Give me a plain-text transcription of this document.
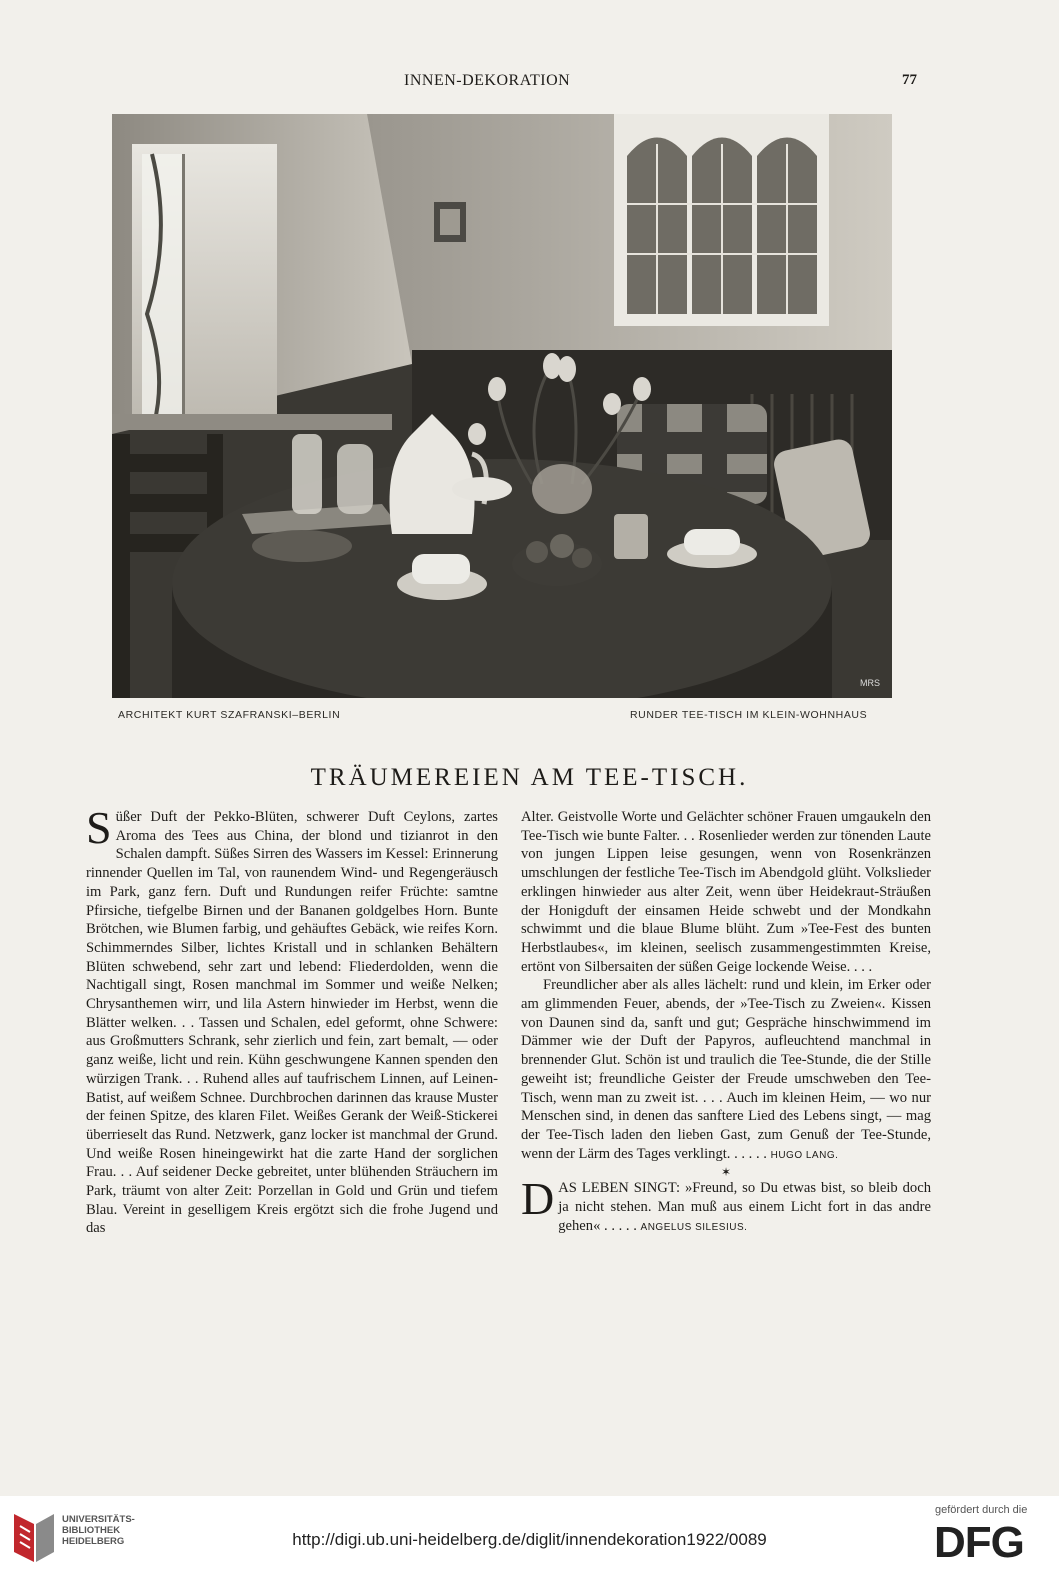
INNEN-DEKORATION	77
MRS
ARCHITEKT KURT SZAFRANSKI–BERLIN	RUNDER TEE-TISCH IM KLEIN-WOHNHAUS
TRÄUMEREIEN AM TEE-TISCH.

Süßer Duft der Pekko-Blüten, schwerer Duft Ceylons, zartes Aroma des Tees aus China, der blond und tizianrot in den Schalen dampft. Süßes Sirren des Wassers im Kessel: Erinnerung rinnender Quellen im Tal, von raunendem Wind- und Regengeräusch im Park, ganz fern. Duft und Rundungen reifer Früchte: samtne Pfirsiche, tiefgelbe Birnen und der Bananen goldgelbes Horn. Bunte Brötchen, wie Blumen farbig, und gehäuftes Gebäck, wie reifes Korn. Schimmerndes Silber, lichtes Kristall und in schlanken Behältern Blüten schwebend, sehr zart und lebend: Fliederdolden, wenn die Nachtigall singt, Rosen manchmal im Sommer und weiße Nelken; Chrysanthemen wirr, und lila Astern hinwieder im Herbst, wenn die Blätter welken. . . Tassen und Schalen, edel geformt, ohne Schwere: aus Großmutters Schrank, sehr zierlich und fein, zart bemalt, — oder ganz weiße, licht und rein. Kühn geschwungene Kannen spenden den würzigen Trank. . . Ruhend alles auf taufrischem Linnen, auf Leinen-Batist, auf weißem Schnee. Durchbrochen darinnen das krause Muster der feinen Spitze, des klaren Filet. Weißes Gerank der Weiß-Stickerei überrieselt das Rund. Netzwerk, ganz locker ist manchmal der Grund. Und weiße Rosen hineingewirkt hat die zarte Hand der sorglichen Frau. . . Auf seidener Decke gebreitet, unter blühenden Sträuchern im Park, träumt von alter Zeit: Porzellan in Gold und Grün und tiefem Blau. Vereint in geselligem Kreis ergötzt sich die frohe Jugend und das

Alter. Geistvolle Worte und Gelächter schöner Frauen umgaukeln den Tee-Tisch wie bunte Falter. . . Rosenlieder werden zur tönenden Laute von jungen Lippen leise gesungen, wenn von Rosenkränzen umschlungen der festliche Tee-Tisch im Abendgold glüht. Volkslieder erklingen hinwieder aus alter Zeit, wenn über Heidekraut-Sträußen der Honigduft der einsamen Heide schwebt und der Mondkahn schwimmt und die blaue Blume blüht. Zum »Tee-Fest des bunten Herbstlaubes«, im kleinen, seelisch zusammengestimmten Kreise, ertönt von Silbersaiten der süßen Geige lockende Weise. . . .

Freundlicher aber als alles lächelt: rund und klein, im Erker oder am glimmenden Feuer, abends, der »Tee-Tisch zu Zweien«. Kissen von Daunen sind da, sanft und gut; Gespräche hinschwimmend im Dämmer wie der Duft der Papyros, aufleuchtend manchmal in brennender Glut. Schön ist und traulich die Tee-Stunde, die der Stille geweiht ist; freundliche Geister der Freude umschweben den Tee-Tisch, wenn man zu zweit ist. . . . Auch im kleinen Heim, — wo nur Menschen sind, in denen das sanftere Lied des Lebens singt, — mag der Tee-Tisch laden den lieben Gast, zum Genuß der Tee-Stunde, wenn der Lärm des Tages verklingt. . . . . . HUGO LANG.

✶

DAS LEBEN SINGT: »Freund, so Du etwas bist, so bleib doch ja nicht stehen. Man muß aus einem Licht fort in das andre gehen« . . . . . ANGELUS SILESIUS.

UNIVERSITÄTS-
BIBLIOTHEK
HEIDELBERG	http://digi.ub.uni-heidelberg.de/diglit/innendekoration1922/0089
gefördert durch die
DFG
